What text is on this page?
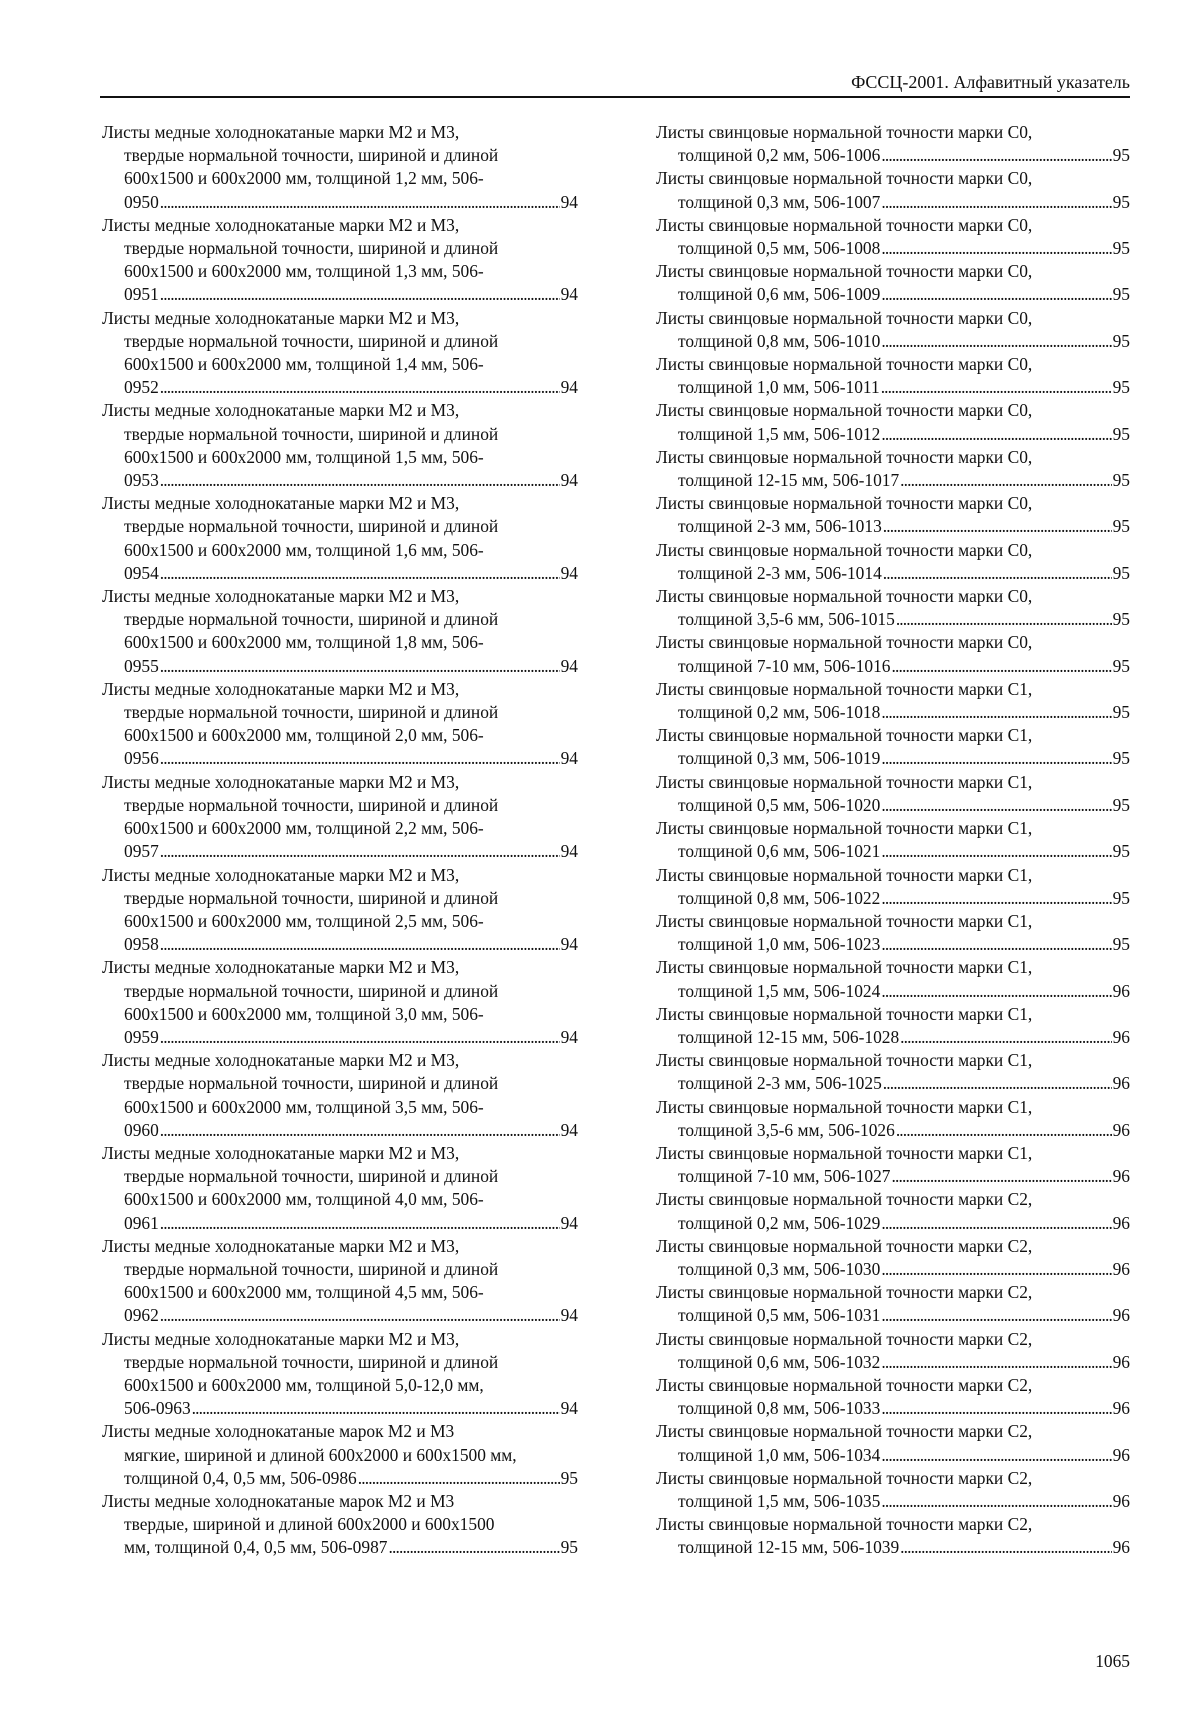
ФССЦ-2001. Алфавитный указатель
Листы медные холоднокатаные марки М2 и М3,
твердые нормальной точности, шириной и длиной
600х1500 и 600х2000 мм, толщиной 1,2 мм, 506-
0950 . . .	94
Листы медные холоднокатаные марки М2 и М3,
твердые нормальной точности, шириной и длиной
600х1500 и 600х2000 мм, толщиной 1,3 мм, 506-
0951 . . .	94
Листы медные холоднокатаные марки М2 и М3,
твердые нормальной точности, шириной и длиной
600х1500 и 600х2000 мм, толщиной 1,4 мм, 506-
0952 . . .	94
Листы медные холоднокатаные марки М2 и М3,
твердые нормальной точности, шириной и длиной
600х1500 и 600х2000 мм, толщиной 1,5 мм, 506-
0953 . . .	94
Листы медные холоднокатаные марки М2 и М3,
твердые нормальной точности, шириной и длиной
600х1500 и 600х2000 мм, толщиной 1,6 мм, 506-
0954 . . .	94
Листы медные холоднокатаные марки М2 и М3,
твердые нормальной точности, шириной и длиной
600х1500 и 600х2000 мм, толщиной 1,8 мм, 506-
0955 . . .	94
Листы медные холоднокатаные марки М2 и М3,
твердые нормальной точности, шириной и длиной
600х1500 и 600х2000 мм, толщиной 2,0 мм, 506-
0956 . . .	94
Листы медные холоднокатаные марки М2 и М3,
твердые нормальной точности, шириной и длиной
600х1500 и 600х2000 мм, толщиной 2,2 мм, 506-
0957 . . .	94
Листы медные холоднокатаные марки М2 и М3,
твердые нормальной точности, шириной и длиной
600х1500 и 600х2000 мм, толщиной 2,5 мм, 506-
0958 . . .	94
Листы медные холоднокатаные марки М2 и М3,
твердые нормальной точности, шириной и длиной
600х1500 и 600х2000 мм, толщиной 3,0 мм, 506-
0959 . . .	94
Листы медные холоднокатаные марки М2 и М3,
твердые нормальной точности, шириной и длиной
600х1500 и 600х2000 мм, толщиной 3,5 мм, 506-
0960 . . .	94
Листы медные холоднокатаные марки М2 и М3,
твердые нормальной точности, шириной и длиной
600х1500 и 600х2000 мм, толщиной 4,0 мм, 506-
0961 . . .	94
Листы медные холоднокатаные марки М2 и М3,
твердые нормальной точности, шириной и длиной
600х1500 и 600х2000 мм, толщиной 4,5 мм, 506-
0962 . . .	94
Листы медные холоднокатаные марки М2 и М3,
твердые нормальной точности, шириной и длиной
600х1500 и 600х2000 мм, толщиной 5,0-12,0 мм,
506-0963 . . .	94
Листы медные холоднокатаные марок М2 и М3
мягкие, шириной и длиной 600х2000 и 600х1500 мм,
толщиной 0,4, 0,5 мм, 506-0986 . . .	95
Листы медные холоднокатаные марок М2 и М3
твердые, шириной и длиной 600х2000 и 600х1500
мм, толщиной 0,4, 0,5 мм, 506-0987 . . .	95
Листы свинцовые нормальной точности марки С0,
толщиной 0,2 мм, 506-1006 . . .	95
Листы свинцовые нормальной точности марки С0,
толщиной 0,3 мм, 506-1007 . . .	95
Листы свинцовые нормальной точности марки С0,
толщиной 0,5 мм, 506-1008 . . .	95
Листы свинцовые нормальной точности марки С0,
толщиной 0,6 мм, 506-1009 . . .	95
Листы свинцовые нормальной точности марки С0,
толщиной 0,8 мм, 506-1010 . . .	95
Листы свинцовые нормальной точности марки С0,
толщиной 1,0 мм, 506-1011 . . .	95
Листы свинцовые нормальной точности марки С0,
толщиной 1,5 мм, 506-1012 . . .	95
Листы свинцовые нормальной точности марки С0,
толщиной 12-15 мм, 506-1017 . . .	95
Листы свинцовые нормальной точности марки С0,
толщиной 2-3 мм, 506-1013 . . .	95
Листы свинцовые нормальной точности марки С0,
толщиной 2-3 мм, 506-1014 . . .	95
Листы свинцовые нормальной точности марки С0,
толщиной 3,5-6 мм, 506-1015 . . .	95
Листы свинцовые нормальной точности марки С0,
толщиной 7-10 мм, 506-1016 . . .	95
Листы свинцовые нормальной точности марки С1,
толщиной 0,2 мм, 506-1018 . . .	95
Листы свинцовые нормальной точности марки С1,
толщиной 0,3 мм, 506-1019 . . .	95
Листы свинцовые нормальной точности марки С1,
толщиной 0,5 мм, 506-1020 . . .	95
Листы свинцовые нормальной точности марки С1,
толщиной 0,6 мм, 506-1021 . . .	95
Листы свинцовые нормальной точности марки С1,
толщиной 0,8 мм, 506-1022 . . .	95
Листы свинцовые нормальной точности марки С1,
толщиной 1,0 мм, 506-1023 . . .	95
Листы свинцовые нормальной точности марки С1,
толщиной 1,5 мм, 506-1024 . . .	96
Листы свинцовые нормальной точности марки С1,
толщиной 12-15 мм, 506-1028 . . .	96
Листы свинцовые нормальной точности марки С1,
толщиной 2-3 мм, 506-1025 . . .	96
Листы свинцовые нормальной точности марки С1,
толщиной 3,5-6 мм, 506-1026 . . .	96
Листы свинцовые нормальной точности марки С1,
толщиной 7-10 мм, 506-1027 . . .	96
Листы свинцовые нормальной точности марки С2,
толщиной 0,2 мм, 506-1029 . . .	96
Листы свинцовые нормальной точности марки С2,
толщиной 0,3 мм, 506-1030 . . .	96
Листы свинцовые нормальной точности марки С2,
толщиной 0,5 мм, 506-1031 . . .	96
Листы свинцовые нормальной точности марки С2,
толщиной 0,6 мм, 506-1032 . . .	96
Листы свинцовые нормальной точности марки С2,
толщиной 0,8 мм, 506-1033 . . .	96
Листы свинцовые нормальной точности марки С2,
толщиной 1,0 мм, 506-1034 . . .	96
Листы свинцовые нормальной точности марки С2,
толщиной 1,5 мм, 506-1035 . . .	96
Листы свинцовые нормальной точности марки С2,
толщиной 12-15 мм, 506-1039 . . .	96
1065
